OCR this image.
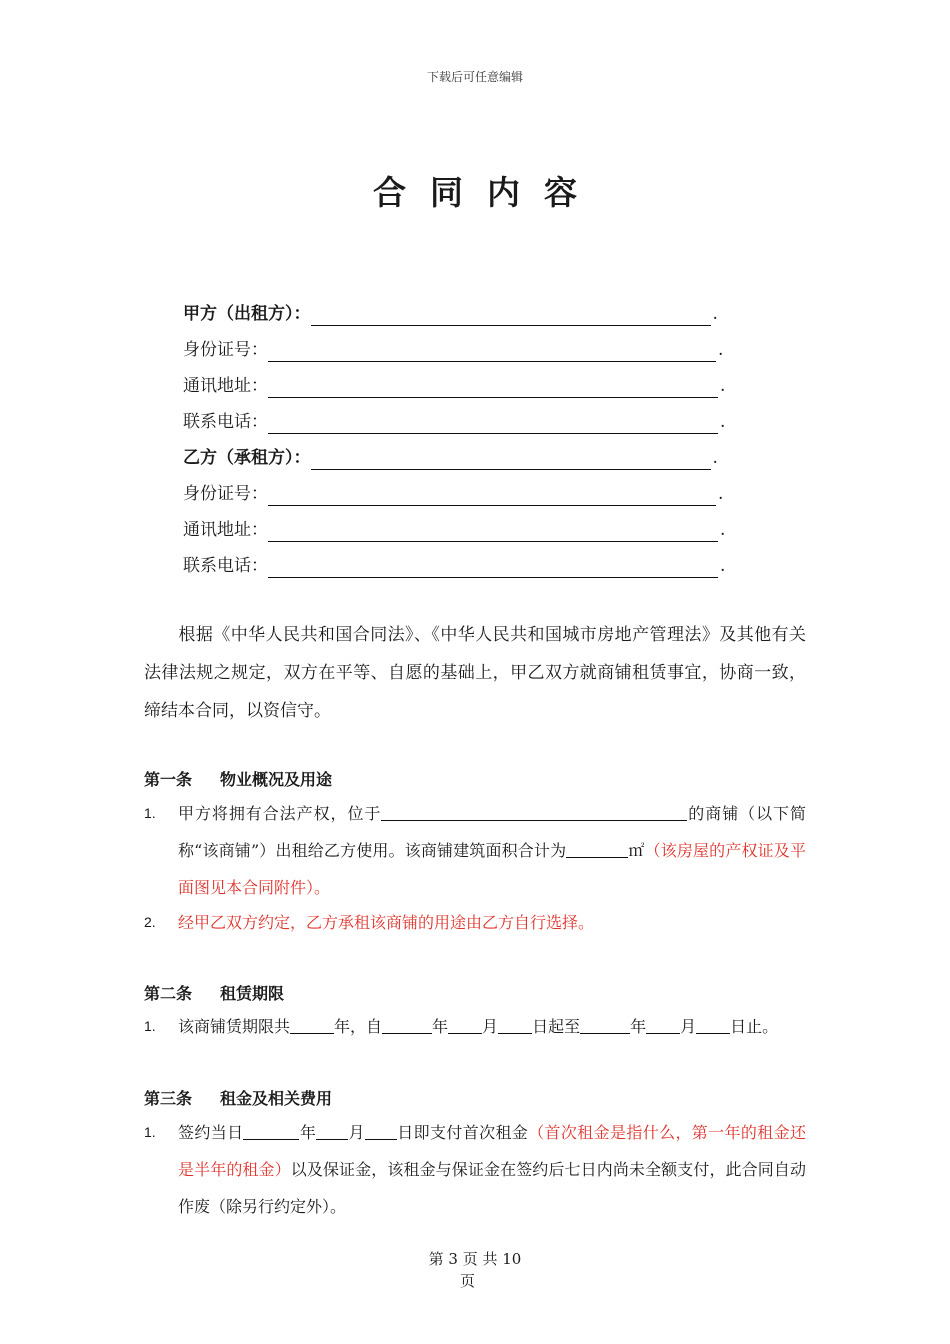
下载后可任意编辑
合同内容
甲方（出租方）：	.
身份证号：	.
通讯地址：	.
联系电话：	.
乙方（承租方）：	.
身份证号：	.
通讯地址：	.
联系电话：	.
根据《中华人民共和国合同法》、《中华人民共和国城市房地产管理法》及其他有关法律法规之规定，双方在平等、自愿的基础上，甲乙双方就商铺租赁事宜，协商一致，缔结本合同，以资信守。
第一条 物业概况及用途
1.	甲方将拥有合法产权，位于	的商铺（以下简称“该商铺”）出租给乙方使用。该商铺建筑面积合计为	㎡（该房屋的产权证及平面图见本合同附件）。
2.	经甲乙双方约定，乙方承租该商铺的用途由乙方自行选择。
第二条 租赁期限
1.	该商铺赁期限共	年，自	年 月 日起至	年 月 日止。
第三条 租金及相关费用
1.	签约当日	年 月 日即支付首次租金（首次租金是指什么，第一年的租金还是半年的租金）以及保证金，该租金与保证金在签约后七日内尚未全额支付，此合同自动作废（除另行约定外）。
第 3 页 共 10
页
